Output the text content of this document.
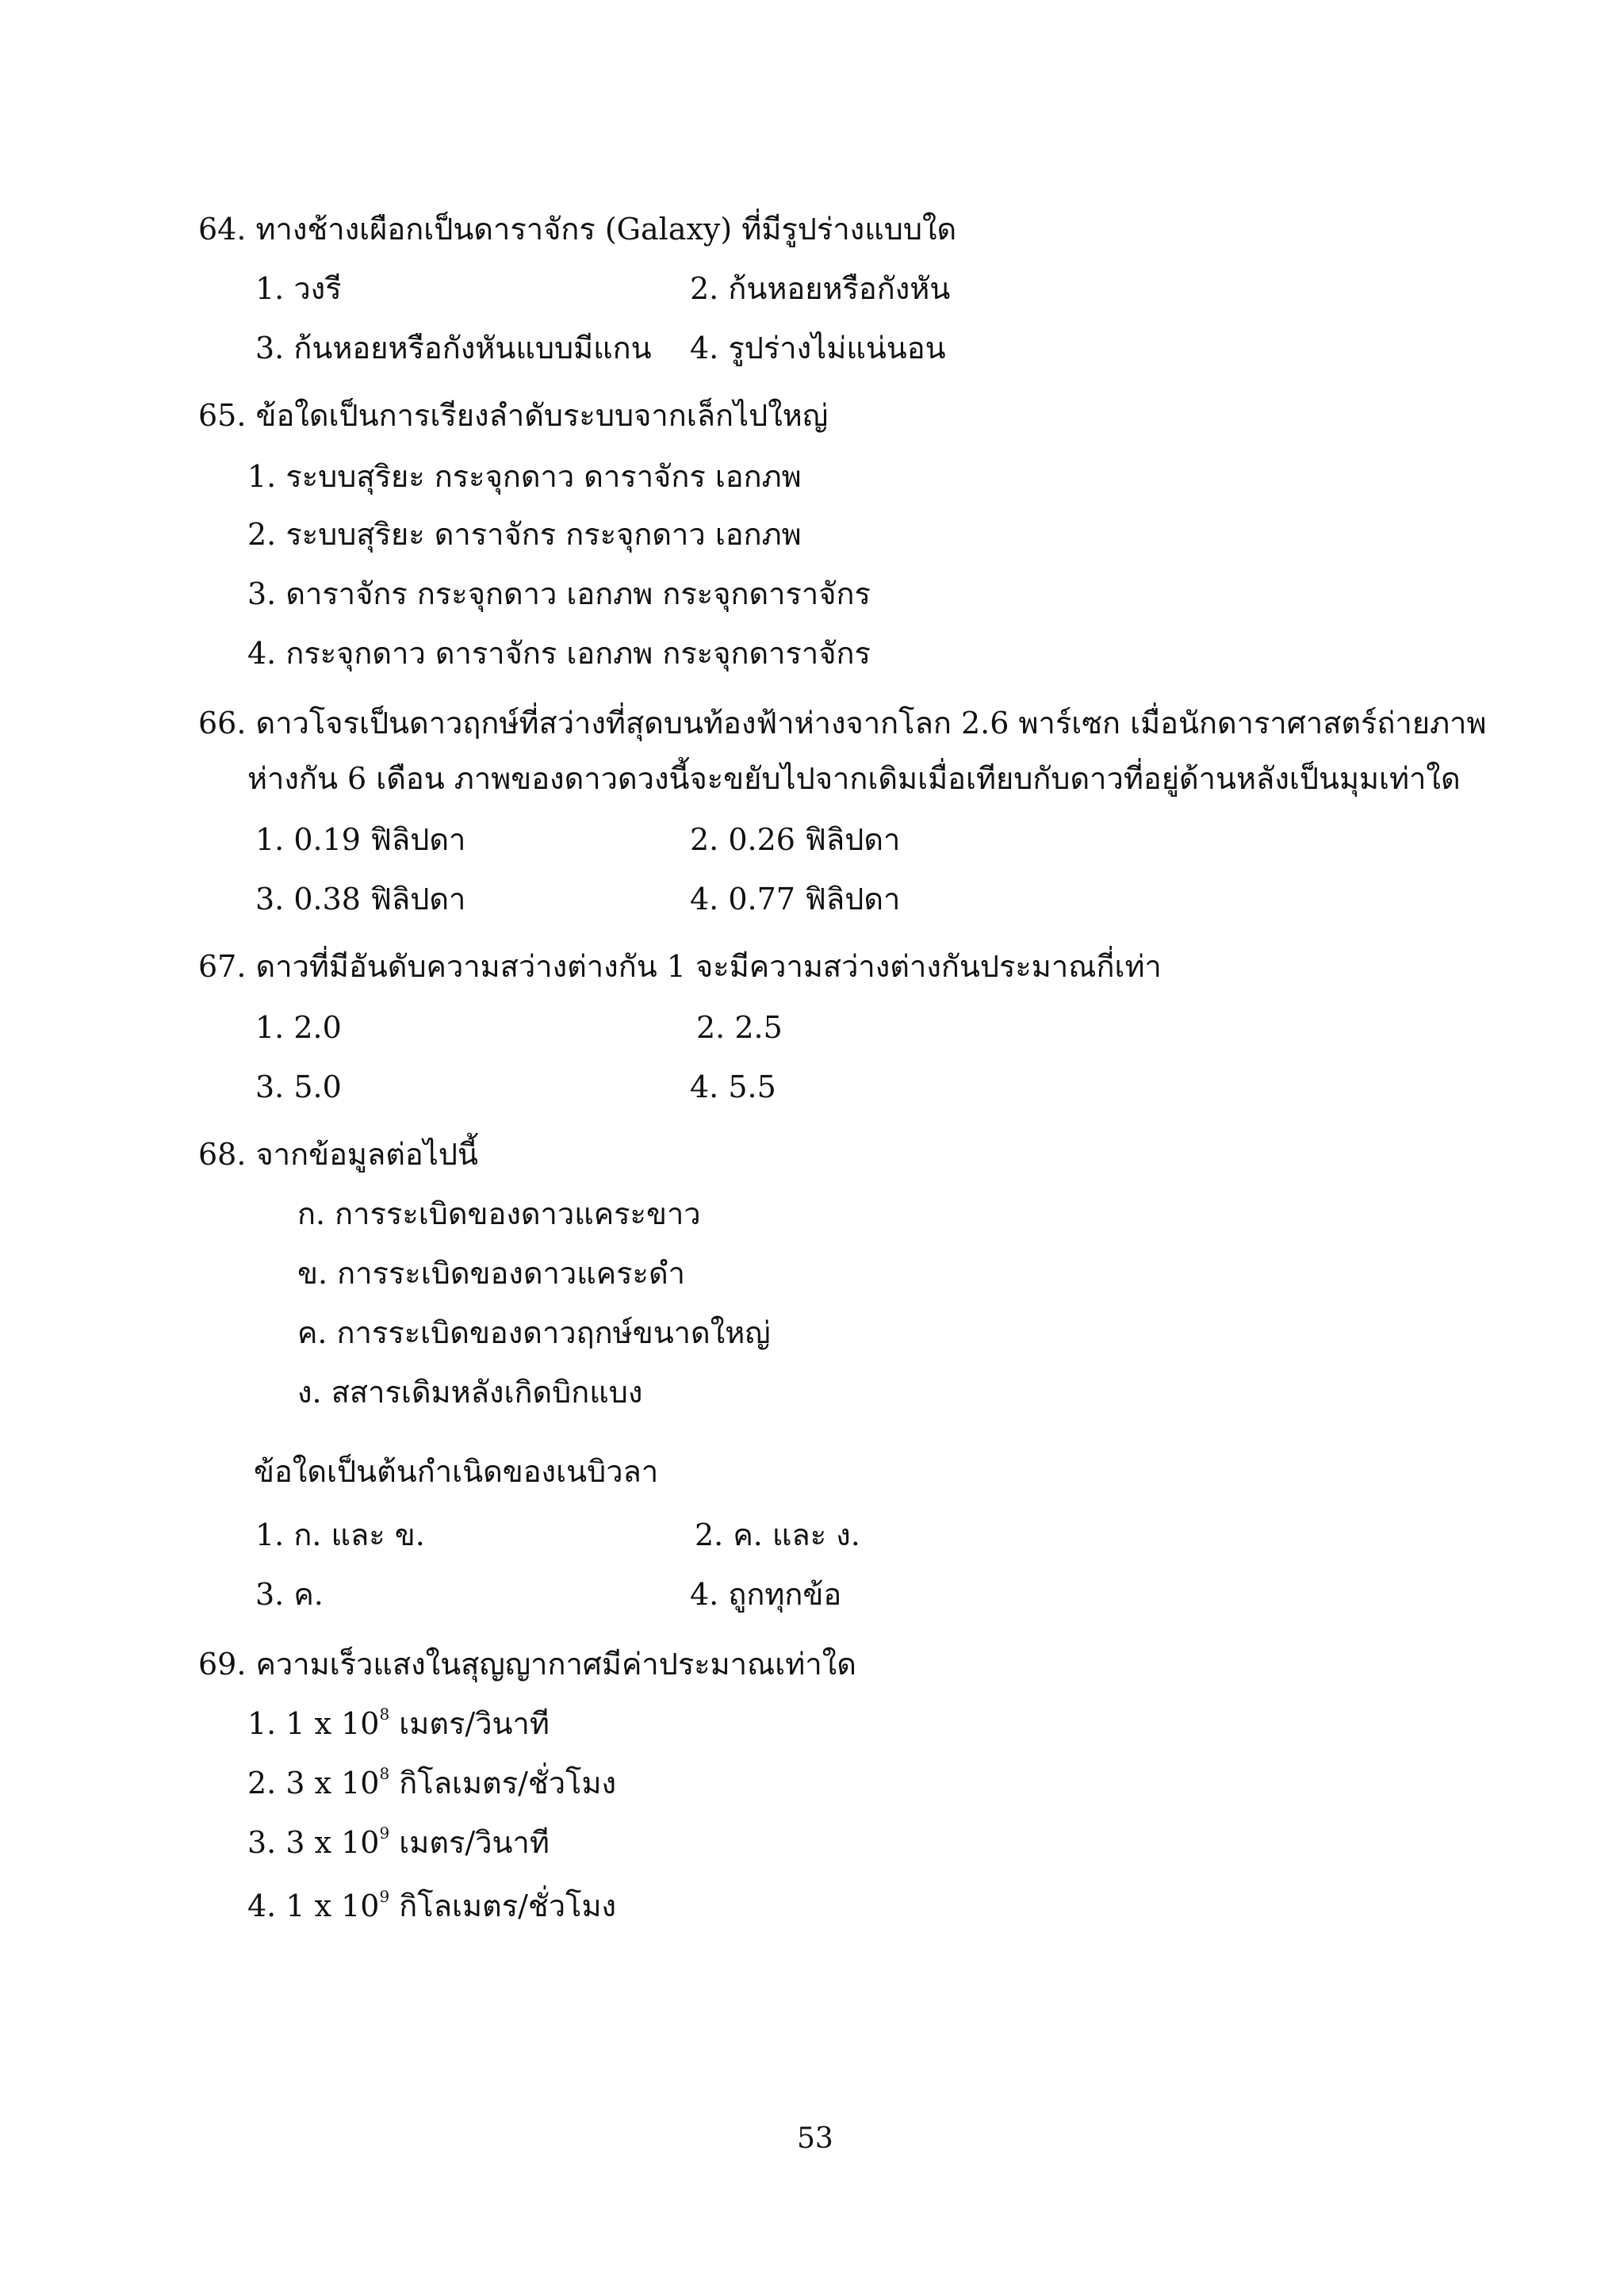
64. ทางช้างเผือกเป็นดาราจักร (Galaxy) ที่มีรูปร่างแบบใด
1. วงรี	2. ก้นหอยหรือกังหัน
3. ก้นหอยหรือกังหันแบบมีแกน 4. รูปร่างไม่แน่นอน
65. ข้อใดเป็นการเรียงลำดับระบบจากเล็กไปใหญ่
1. ระบบสุริยะ กระจุกดาว ดาราจักร เอกภพ
2. ระบบสุริยะ ดาราจักร กระจุกดาว เอกภพ
3. ดาราจักร กระจุกดาว เอกภพ กระจุกดาราจักร
4. กระจุกดาว ดาราจักร เอกภพ กระจุกดาราจักร
66. ดาวโจรเป็นดาวฤกษ์ที่สว่างที่สุดบนท้องฟ้าห่างจากโลก 2.6 พาร์เซก เมื่อนักดาราศาสตร์ถ่ายภาพ
ห่างกัน 6 เดือน ภาพของดาวดวงนี้จะขยับไปจากเดิมเมื่อเทียบกับดาวที่อยู่ด้านหลังเป็นมุมเท่าใด
1. 0.19 ฟิลิปดา	2. 0.26 ฟิลิปดา
3. 0.38 ฟิลิปดา	4. 0.77 ฟิลิปดา
67. ดาวที่มีอันดับความสว่างต่างกัน 1 จะมีความสว่างต่างกันประมาณกี่เท่า
1. 2.0	2. 2.5
3. 5.0	4. 5.5
68. จากข้อมูลต่อไปนี้
ก. การระเบิดของดาวแคระขาว
ข. การระเบิดของดาวแคระดำ
ค. การระเบิดของดาวฤกษ์ขนาดใหญ่
ง. สสารเดิมหลังเกิดบิกแบง
ข้อใดเป็นต้นกำเนิดของเนบิวลา
1. ก. และ ข.	2. ค. และ ง.
3. ค.	4. ถูกทุกข้อ
69. ความเร็วแสงในสุญญากาศมีค่าประมาณเท่าใด
1. 1 x $10^8$ เมตร/วินาที
2. 3 x $10^8$ กิโลเมตร/ชั่วโมง
3. 3 x $10^9$ เมตร/วินาที
4. 1 x $10^9$ กิโลเมตร/ชั่วโมง
53
